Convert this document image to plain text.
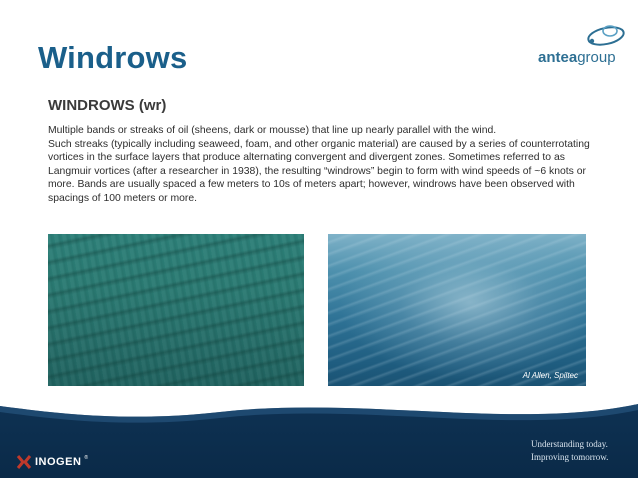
Windrows	anteagroup
WINDROWS (wr)

Multiple bands or streaks of oil (sheens, dark or mousse) that line up nearly parallel with the wind.

Such streaks (typically including seaweed, foam, and other organic material) are caused by a series of counterrotating vortices in the surface layers that produce alternating convergent and divergent zones. Sometimes referred to as Langmuir vortices (after a researcher in 1938), the resulting “windrows” begin to form with wind speeds of ~6 knots or more. Bands are usually spaced a few meters to 10s of meters apart; however, windrows have been observed with spacings of 100 meters or more.

Al Allen, Spiltec
Understanding today.
Improving tomorrow.
INOGEN ®
